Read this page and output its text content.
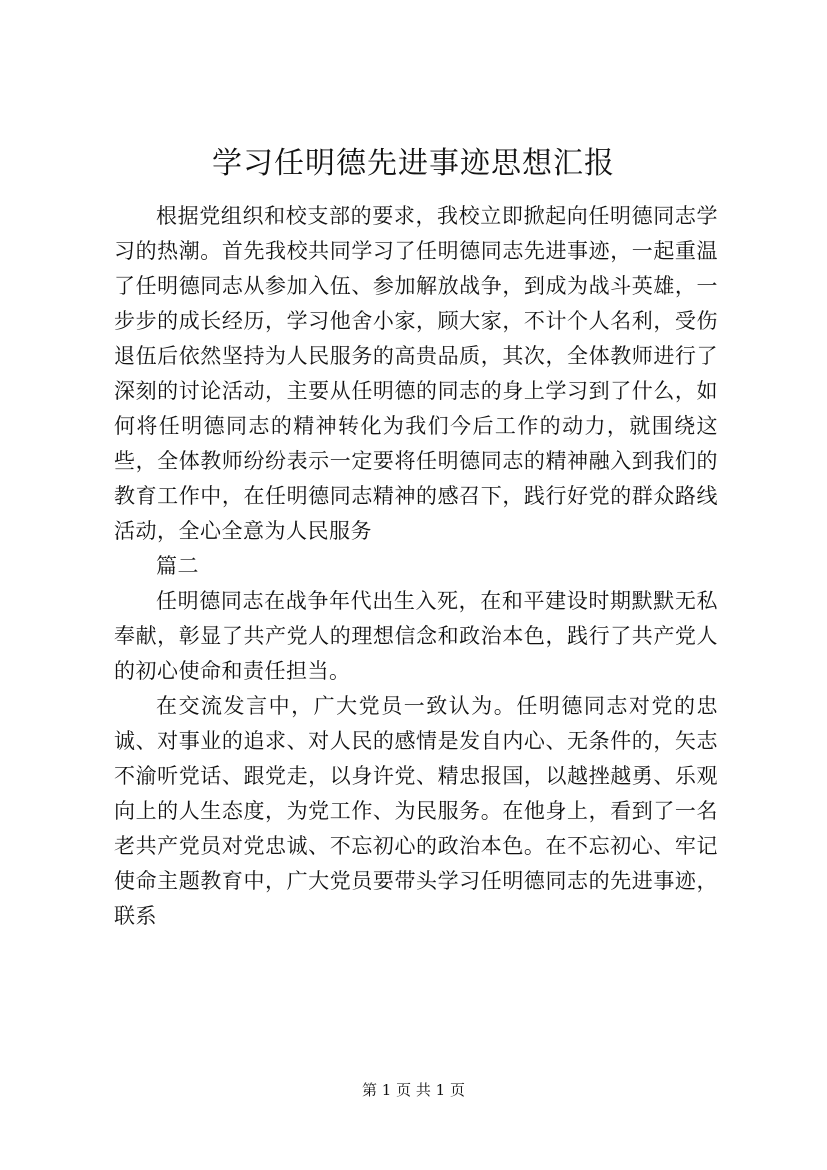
学习任明德先进事迹思想汇报

根据党组织和校支部的要求，我校立即掀起向任明德同志学习的热潮。首先我校共同学习了任明德同志先进事迹，一起重温了任明德同志从参加入伍、参加解放战争，到成为战斗英雄，一步步的成长经历，学习他舍小家，顾大家，不计个人名利，受伤退伍后依然坚持为人民服务的高贵品质，其次，全体教师进行了深刻的讨论活动，主要从任明德的同志的身上学习到了什么，如何将任明德同志的精神转化为我们今后工作的动力，就围绕这些，全体教师纷纷表示一定要将任明德同志的精神融入到我们的教育工作中，在任明德同志精神的感召下，践行好党的群众路线活动，全心全意为人民服务

篇二

任明德同志在战争年代出生入死，在和平建设时期默默无私奉献，彰显了共产党人的理想信念和政治本色，践行了共产党人的初心使命和责任担当。

在交流发言中，广大党员一致认为。任明德同志对党的忠诚、对事业的追求、对人民的感情是发自内心、无条件的，矢志不渝听党话、跟党走，以身许党、精忠报国，以越挫越勇、乐观向上的人生态度，为党工作、为民服务。在他身上，看到了一名老共产党员对党忠诚、不忘初心的政治本色。在不忘初心、牢记使命主题教育中，广大党员要带头学习任明德同志的先进事迹，联系

第 1 页 共 1 页
